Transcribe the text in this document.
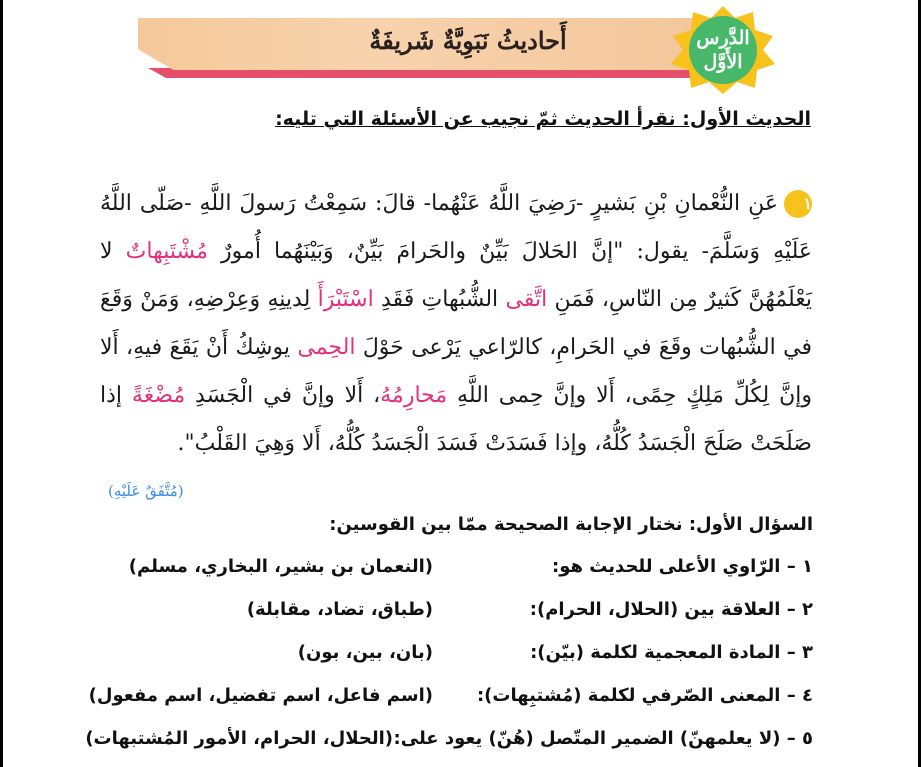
أَحاديثُ نَبَوِيَّةٌ شَريفَةٌ	الدَّرس
الأَوَّل
الحديث الأول: نقرأ الحديث ثمّ نجيب عن الأسئلة التي تليه:
١عَنِ النُّعْمانِ بْنِ بَشيرٍ -رَضِيَ اللَّهُ عَنْهُما- قالَ: سَمِعْتُ رَسولَ اللَّهِ -صَلّى اللَّهُ عَلَيْهِ وَسَلَّمَ- يقول: "إنَّ الحَلالَ بَيِّنٌ والحَرامَ بَيِّنٌ، وَبَيْنَهُما أُمورٌ مُشْتَبِهاتٌ لا يَعْلَمُهُنَّ كَثيرٌ مِن النّاسِ، فَمَنِ اتَّقى الشُّبُهاتِ فَقَدِ اسْتَبْرَأَ لِدينِهِ وَعِرْضِهِ، وَمَنْ وَقَعَ في الشُّبُهات وقَعَ في الحَرامِ، كالرّاعي يَرْعى حَوْلَ الحِمى يوشِكُ أَنْ يَقَعَ فيهِ، أَلا وإنَّ لِكُلِّ مَلِكٍ حِمًى، أَلا وإنَّ حِمى اللَّهِ مَحارِمُهُ، أَلا وإنَّ في الْجَسَدِ مُضْغَةً إذا صَلَحَتْ صَلَحَ الْجَسَدُ كُلُّهُ، وإذا فَسَدَتْ فَسَدَ الْجَسَدُ كُلُّهُ، أَلا وَهِيَ القَلْبُ".
(مُتَّفَقٌ عَلَيْهِ)
السؤال الأول: نختار الإجابة الصحيحة ممّا بين القوسين:
١ – الرّاوي الأعلى للحديث هو:
(النعمان بن بشير، البخاري، مسلم)
٢ – العلاقة بين (الحلال، الحرام):
(طباق، تضاد، مقابلة)
٣ – المادة المعجمية لكلمة (بيّن):
(بان، بين، بون)
٤ – المعنى الصّرفي لكلمة (مُشتبِهات):
(اسم فاعل، اسم تفضيل، اسم مفعول)
٥ – (لا يعلمهنّ) الضمير المتّصل (هُنّ) يعود على:
(الحلال، الحرام، الأمور المُشتبهات)
